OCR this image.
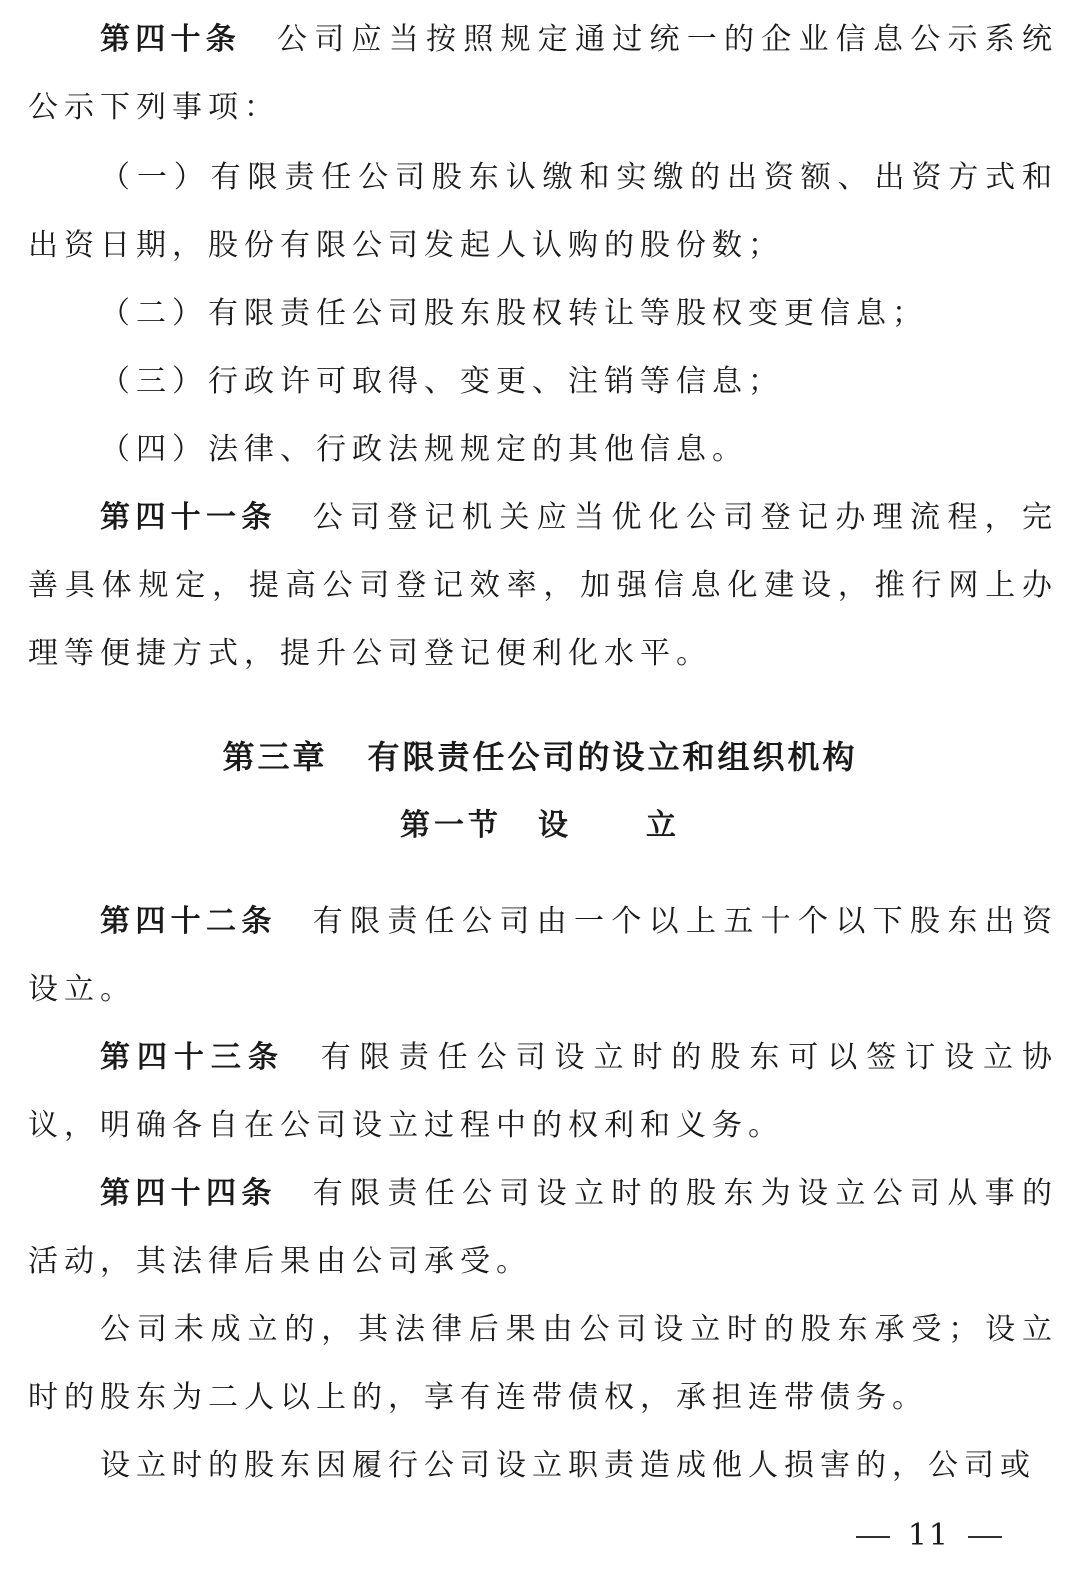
第四十条 公司应当按照规定通过统一的企业信息公示系统公示下列事项：

（一）有限责任公司股东认缴和实缴的出资额、出资方式和出资日期，股份有限公司发起人认购的股份数；

（二）有限责任公司股东股权转让等股权变更信息；

（三）行政许可取得、变更、注销等信息；

（四）法律、行政法规规定的其他信息。

第四十一条 公司登记机关应当优化公司登记办理流程，完善具体规定，提高公司登记效率，加强信息化建设，推行网上办理等便捷方式，提升公司登记便利化水平。

第三章 有限责任公司的设立和组织机构
第一节 设 立

第四十二条 有限责任公司由一个以上五十个以下股东出资设立。

第四十三条 有限责任公司设立时的股东可以签订设立协议，明确各自在公司设立过程中的权利和义务。

第四十四条 有限责任公司设立时的股东为设立公司从事的活动，其法律后果由公司承受。

公司未成立的，其法律后果由公司设立时的股东承受；设立时的股东为二人以上的，享有连带债权，承担连带债务。

设立时的股东因履行公司设立职责造成他人损害的，公司或

11
